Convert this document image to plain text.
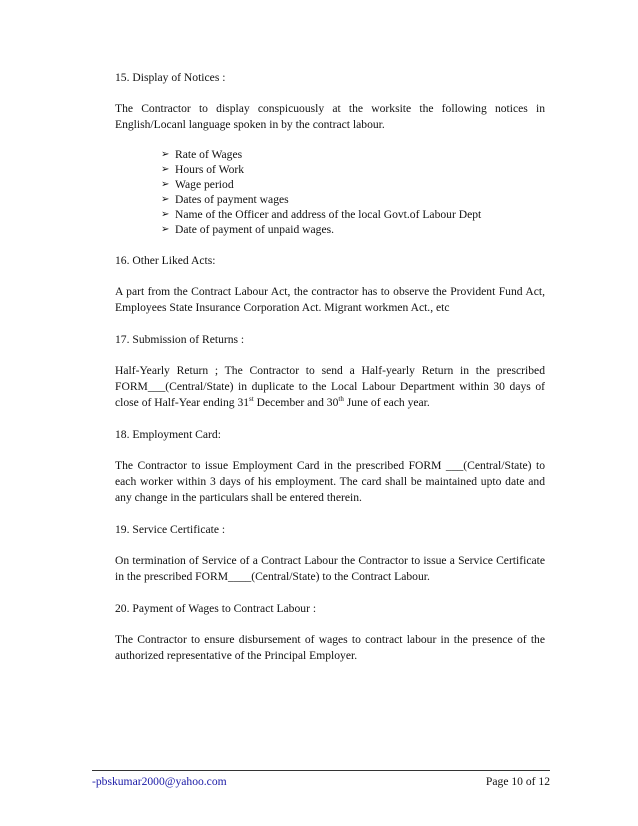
15. Display of Notices :

The Contractor to display conspicuously at the worksite the following notices in English/Locanl language spoken in by the contract labour.

➢ Rate of Wages
➢ Hours of Work
➢ Wage period
➢ Dates of payment wages
➢ Name of the Officer and address of the local Govt.of Labour Dept
➢ Date of payment of unpaid wages.

16. Other Liked Acts:

A part from the Contract Labour Act, the contractor has to observe the Provident Fund Act, Employees State Insurance Corporation Act. Migrant workmen Act., etc

17. Submission of Returns :

Half-Yearly Return ; The Contractor to send a Half-yearly Return in the prescribed FORM___(Central/State) in duplicate to the Local Labour Department within 30 days of close of Half-Year ending 31st December and 30th June of each year.

18. Employment Card:

The Contractor to issue Employment Card in the prescribed FORM ___(Central/State) to each worker within 3 days of his employment. The card shall be maintained upto date and any change in the particulars shall be entered therein.

19. Service Certificate :

On termination of Service of a Contract Labour the Contractor to issue a Service Certificate in the prescribed FORM____(Central/State) to the Contract Labour.

20. Payment of Wages to Contract Labour :

The Contractor to ensure disbursement of wages to contract labour in the presence of the authorized representative of the Principal Employer.

-pbskumar2000@yahoo.com	Page 10 of 12
